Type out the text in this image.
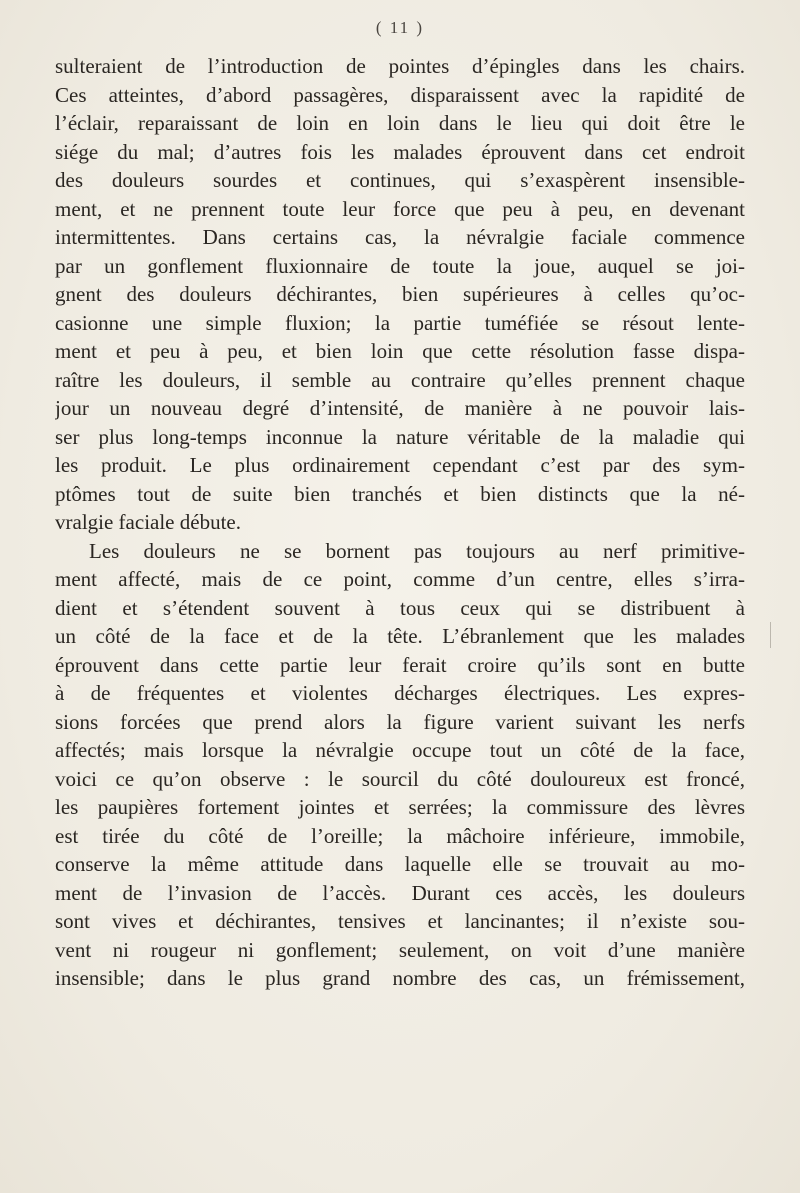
( 11 )
sulteraient de l’introduction de pointes d’épingles dans les chairs.
Ces atteintes, d’abord passagères, disparaissent avec la rapidité de
l’éclair, reparaissant de loin en loin dans le lieu qui doit être le
siége du mal; d’autres fois les malades éprouvent dans cet endroit
des douleurs sourdes et continues, qui s’exaspèrent insensible-
ment, et ne prennent toute leur force que peu à peu, en devenant
intermittentes. Dans certains cas, la névralgie faciale commence
par un gonflement fluxionnaire de toute la joue, auquel se joi-
gnent des douleurs déchirantes, bien supérieures à celles qu’oc-
casionne une simple fluxion; la partie tuméfiée se résout lente-
ment et peu à peu, et bien loin que cette résolution fasse dispa-
raître les douleurs, il semble au contraire qu’elles prennent chaque
jour un nouveau degré d’intensité, de manière à ne pouvoir lais-
ser plus long-temps inconnue la nature véritable de la maladie qui
les produit. Le plus ordinairement cependant c’est par des sym-
ptômes tout de suite bien tranchés et bien distincts que la né-
vralgie faciale débute.
Les douleurs ne se bornent pas toujours au nerf primitive-
ment affecté, mais de ce point, comme d’un centre, elles s’irra-
dient et s’étendent souvent à tous ceux qui se distribuent à
un côté de la face et de la tête. L’ébranlement que les malades
éprouvent dans cette partie leur ferait croire qu’ils sont en butte
à de fréquentes et violentes décharges électriques. Les expres-
sions forcées que prend alors la figure varient suivant les nerfs
affectés; mais lorsque la névralgie occupe tout un côté de la face,
voici ce qu’on observe : le sourcil du côté douloureux est froncé,
les paupières fortement jointes et serrées; la commissure des lèvres
est tirée du côté de l’oreille; la mâchoire inférieure, immobile,
conserve la même attitude dans laquelle elle se trouvait au mo-
ment de l’invasion de l’accès. Durant ces accès, les douleurs
sont vives et déchirantes, tensives et lancinantes; il n’existe sou-
vent ni rougeur ni gonflement; seulement, on voit d’une manière
insensible; dans le plus grand nombre des cas, un frémissement,
